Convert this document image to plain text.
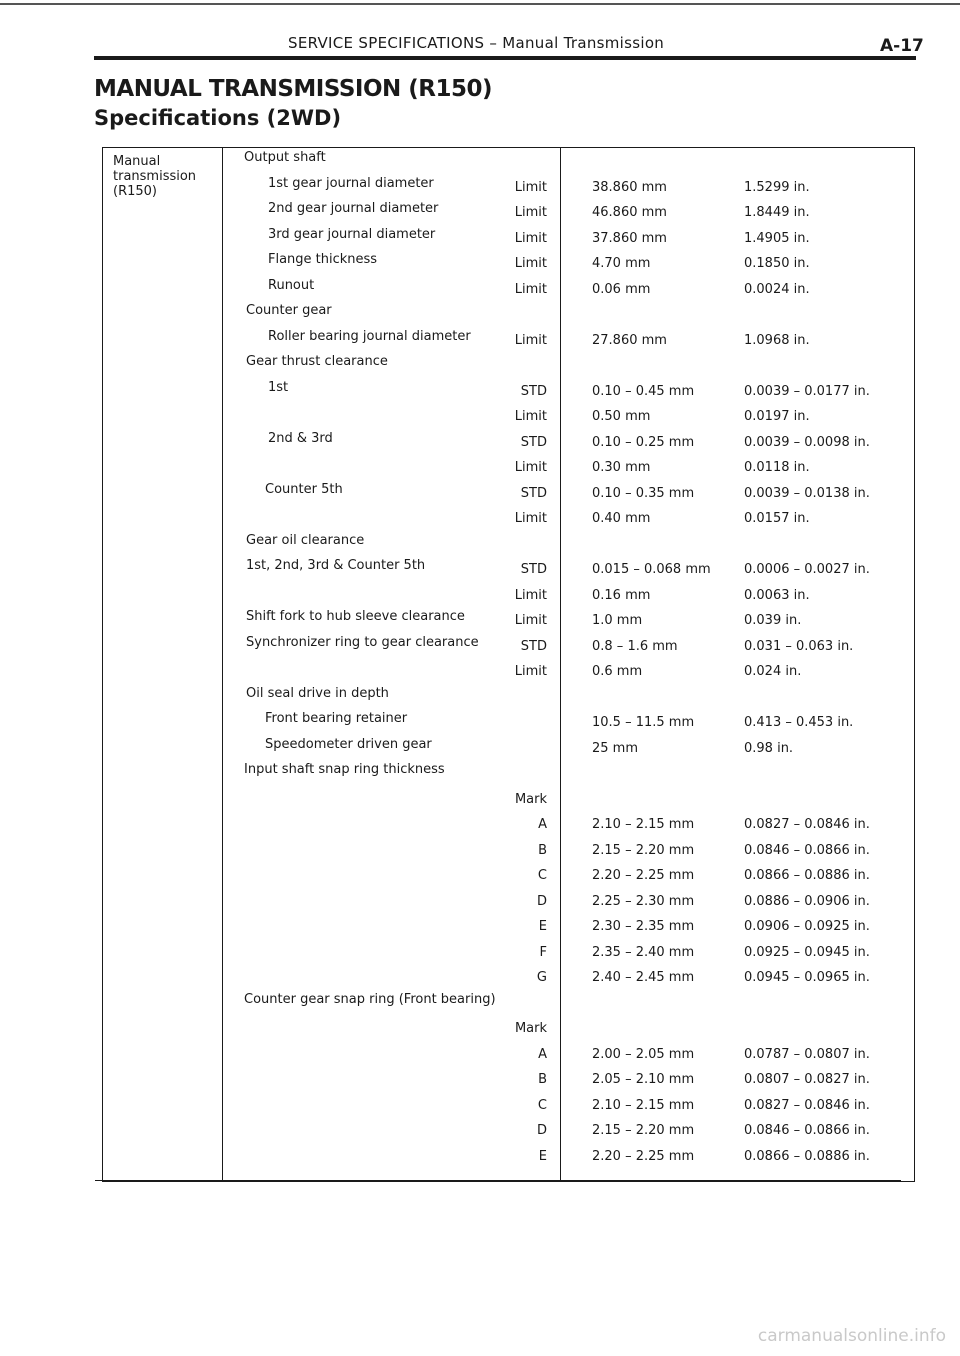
SERVICE SPECIFICATIONS – Manual Transmission	A-17
MANUAL TRANSMISSION (R150)
Specifications (2WD)
Manual
transmission
(R150)
Output shaft
1st gear journal diameter	Limit	38.860 mm	1.5299 in.
2nd gear journal diameter	Limit	46.860 mm	1.8449 in.
3rd gear journal diameter	Limit	37.860 mm	1.4905 in.
Flange thickness	Limit	4.70 mm	0.1850 in.
Runout	Limit	0.06 mm	0.0024 in.
Counter gear
Roller bearing journal diameter	Limit	27.860 mm	1.0968 in.
Gear thrust clearance
1st	STD	0.10 – 0.45 mm	0.0039 – 0.0177 in.
Limit	0.50 mm	0.0197 in.
2nd & 3rd	STD	0.10 – 0.25 mm	0.0039 – 0.0098 in.
Limit	0.30 mm	0.0118 in.
Counter 5th	STD	0.10 – 0.35 mm	0.0039 – 0.0138 in.
Limit	0.40 mm	0.0157 in.
Gear oil clearance
1st, 2nd, 3rd & Counter 5th	STD	0.015 – 0.068 mm	0.0006 – 0.0027 in.
Limit	0.16 mm	0.0063 in.
Shift fork to hub sleeve clearance	Limit	1.0 mm	0.039 in.
Synchronizer ring to gear clearance	STD	0.8 – 1.6 mm	0.031 – 0.063 in.
Limit	0.6 mm	0.024 in.
Oil seal drive in depth
Front bearing retainer	10.5 – 11.5 mm	0.413 – 0.453 in.
Speedometer driven gear	25 mm	0.98 in.
Input shaft snap ring thickness
Mark
A	2.10 – 2.15 mm	0.0827 – 0.0846 in.
B	2.15 – 2.20 mm	0.0846 – 0.0866 in.
C	2.20 – 2.25 mm	0.0866 – 0.0886 in.
D	2.25 – 2.30 mm	0.0886 – 0.0906 in.
E	2.30 – 2.35 mm	0.0906 – 0.0925 in.
F	2.35 – 2.40 mm	0.0925 – 0.0945 in.
G	2.40 – 2.45 mm	0.0945 – 0.0965 in.
Counter gear snap ring (Front bearing)
Mark
A	2.00 – 2.05 mm	0.0787 – 0.0807 in.
B	2.05 – 2.10 mm	0.0807 – 0.0827 in.
C	2.10 – 2.15 mm	0.0827 – 0.0846 in.
D	2.15 – 2.20 mm	0.0846 – 0.0866 in.
E	2.20 – 2.25 mm	0.0866 – 0.0886 in.
carmanualsonline.info
